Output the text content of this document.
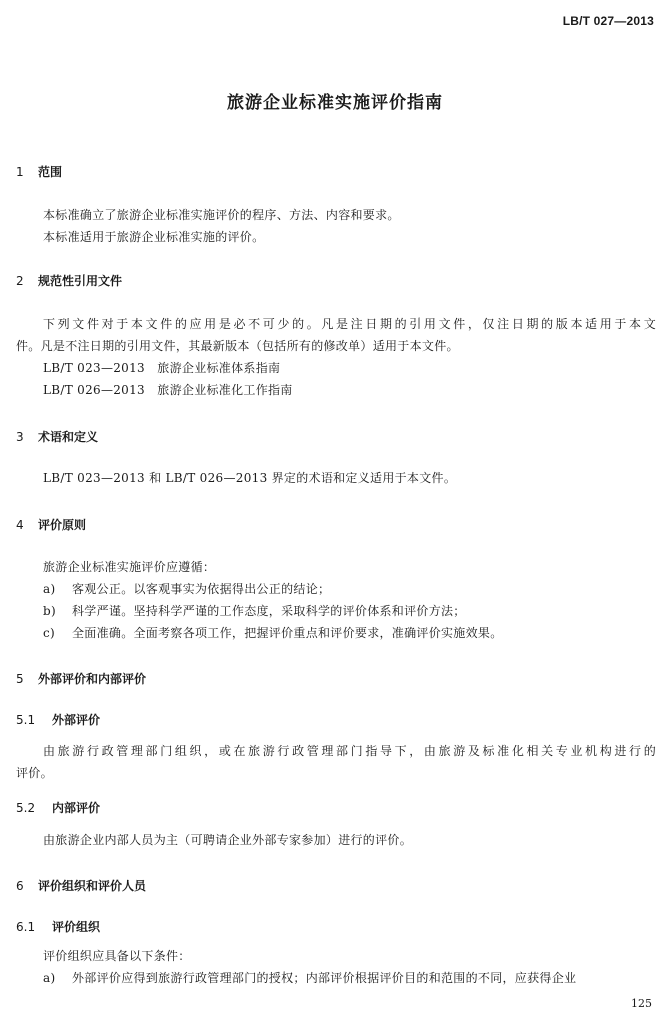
LB/T 027—2013
旅游企业标准实施评价指南
1 范围
本标准确立了旅游企业标准实施评价的程序、方法、内容和要求。
本标准适用于旅游企业标准实施的评价。
2 规范性引用文件
下列文件对于本文件的应用是必不可少的。凡是注日期的引用文件，仅注日期的版本适用于本文
件。凡是不注日期的引用文件，其最新版本（包括所有的修改单）适用于本文件。
LB/T 023—2013　旅游企业标准体系指南
LB/T 026—2013　旅游企业标准化工作指南
3 术语和定义
LB/T 023—2013 和 LB/T 026—2013 界定的术语和定义适用于本文件。
4 评价原则
旅游企业标准实施评价应遵循：
a) 客观公正。以客观事实为依据得出公正的结论；
b) 科学严谨。坚持科学严谨的工作态度，采取科学的评价体系和评价方法；
c) 全面准确。全面考察各项工作，把握评价重点和评价要求，准确评价实施效果。
5 外部评价和内部评价
5.1 外部评价
由旅游行政管理部门组织，或在旅游行政管理部门指导下，由旅游及标准化相关专业机构进行的
评价。
5.2 内部评价
由旅游企业内部人员为主（可聘请企业外部专家参加）进行的评价。
6 评价组织和评价人员
6.1 评价组织
评价组织应具备以下条件：
a) 外部评价应得到旅游行政管理部门的授权；内部评价根据评价目的和范围的不同，应获得企业
125
